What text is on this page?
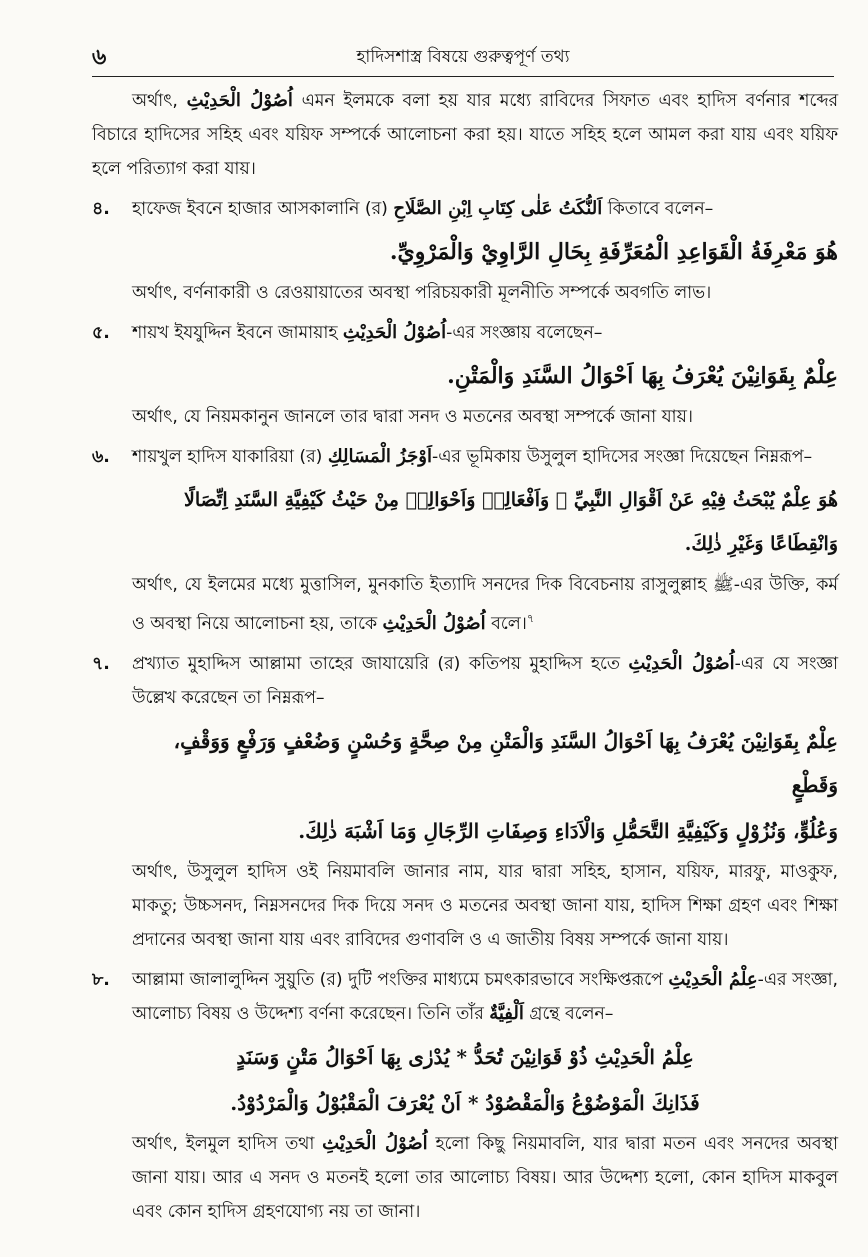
৬	হাদিসশাস্ত্র বিষয়ে গুরুত্বপূর্ণ তথ্য

অর্থাৎ, اُصُوْلُ الْحَدِيْثِ এমন ইলমকে বলা হয় যার মধ্যে রাবিদের সিফাত এবং হাদিস বর্ণনার শব্দের বিচারে হাদিসের সহিহ এবং যয়িফ সম্পর্কে আলোচনা করা হয়। যাতে সহিহ হলে আমল করা যায় এবং যয়িফ হলে পরিত্যাগ করা যায়।

৪. হাফেজ ইবনে হাজার আসকালানি (র) اَلنُّكَتُ عَلٰى كِتَابِ اِبْنِ الصَّلَاحِ কিতাবে বলেন–
هُوَ مَعْرِفَةُ الْقَوَاعِدِ الْمُعَرِّفَةِ بِحَالِ الرَّاوِيْ وَالْمَرْوِيِّ.
অর্থাৎ, বর্ণনাকারী ও রেওয়ায়াতের অবস্থা পরিচয়কারী মূলনীতি সম্পর্কে অবগতি লাভ।
৫. শায়খ ইযযুদ্দিন ইবনে জামায়াহ اُصُوْلُ الْحَدِيْثِ-এর সংজ্ঞায় বলেছেন–
عِلْمٌ بِقَوَانِيْنَ يُعْرَفُ بِهَا اَحْوَالُ السَّنَدِ وَالْمَتْنِ.
অর্থাৎ, যে নিয়মকানুন জানলে তার দ্বারা সনদ ও মতনের অবস্থা সম্পর্কে জানা যায়।
৬. শায়খুল হাদিস যাকারিয়া (র) اَوْجَزُ الْمَسَالِكِ-এর ভূমিকায় উসুলুল হাদিসের সংজ্ঞা দিয়েছেন নিম্নরূপ–
هُوَ عِلْمٌ يُبْحَثُ فِيْهِ عَنْ اَقْوَالِ النَّبِيِّ ﷺ وَاَفْعَالِهٖ وَاَحْوَالِهٖ مِنْ حَيْثُ كَيْفِيَّةِ السَّنَدِ اِتِّصَالًا وَانْقِطَاعًا وَغَيْرِ ذٰلِكَ.
অর্থাৎ, যে ইলমের মধ্যে মুত্তাসিল, মুনকাতি ইত্যাদি সনদের দিক বিবেচনায় রাসুলুল্লাহ ﷺ-এর উক্তি, কর্ম ও অবস্থা নিয়ে আলোচনা হয়, তাকে اُصُوْلُ الْحَدِيْثِ বলে।$^৭$
৭. প্রখ্যাত মুহাদ্দিস আল্লামা তাহের জাযায়েরি (র) কতিপয় মুহাদ্দিস হতে اُصُوْلُ الْحَدِيْثِ-এর যে সংজ্ঞা উল্লেখ করেছেন তা নিম্নরূপ–
عِلْمٌ بِقَوَانِيْنَ يُعْرَفُ بِهَا اَحْوَالُ السَّنَدِ وَالْمَتْنِ مِنْ صِحَّةٍ وَحُسْنٍ وَضُعْفٍ وَرَفْعٍ وَوَقْفٍ، وَقَطْعٍ
وَعُلُوٍّ، وَنُزُوْلٍ وَكَيْفِيَّةِ التَّحَمُّلِ وَالْاَدَاءِ وَصِفَاتِ الرِّجَالِ وَمَا اَشْبَهَ ذٰلِكَ.
অর্থাৎ, উসুলুল হাদিস ওই নিয়মাবলি জানার নাম, যার দ্বারা সহিহ, হাসান, যয়িফ, মারফু, মাওকুফ, মাকতু; উচ্চসনদ, নিম্নসনদের দিক দিয়ে সনদ ও মতনের অবস্থা জানা যায়, হাদিস শিক্ষা গ্রহণ এবং শিক্ষা প্রদানের অবস্থা জানা যায় এবং রাবিদের গুণাবলি ও এ জাতীয় বিষয় সম্পর্কে জানা যায়।
৮. আল্লামা জালালুদ্দিন সুয়ুতি (র) দুটি পংক্তির মাধ্যমে চমৎকারভাবে সংক্ষিপ্তরূপে عِلْمُ الْحَدِيْثِ-এর সংজ্ঞা, আলোচ্য বিষয় ও উদ্দেশ্য বর্ণনা করেছেন। তিনি তাঁর اَلْفِيَّةٌ গ্রন্থে বলেন–
عِلْمُ الْحَدِيْثِ ذُوْ قَوَانِيْنَ تُحَدُّ * يُدْرٰى بِهَا اَحْوَالُ مَتْنٍ وَسَنَدٍ
فَذَانِكَ الْمَوْضُوْعُ وَالْمَقْصُوْدُ * اَنْ يُعْرَفَ الْمَقْبُوْلُ وَالْمَرْدُوْدُ.
অর্থাৎ, ইলমুল হাদিস তথা اُصُوْلُ الْحَدِيْثِ হলো কিছু নিয়মাবলি, যার দ্বারা মতন এবং সনদের অবস্থা জানা যায়। আর এ সনদ ও মতনই হলো তার আলোচ্য বিষয়। আর উদ্দেশ্য হলো, কোন হাদিস মাকবুল এবং কোন হাদিস গ্রহণযোগ্য নয় তা জানা।
